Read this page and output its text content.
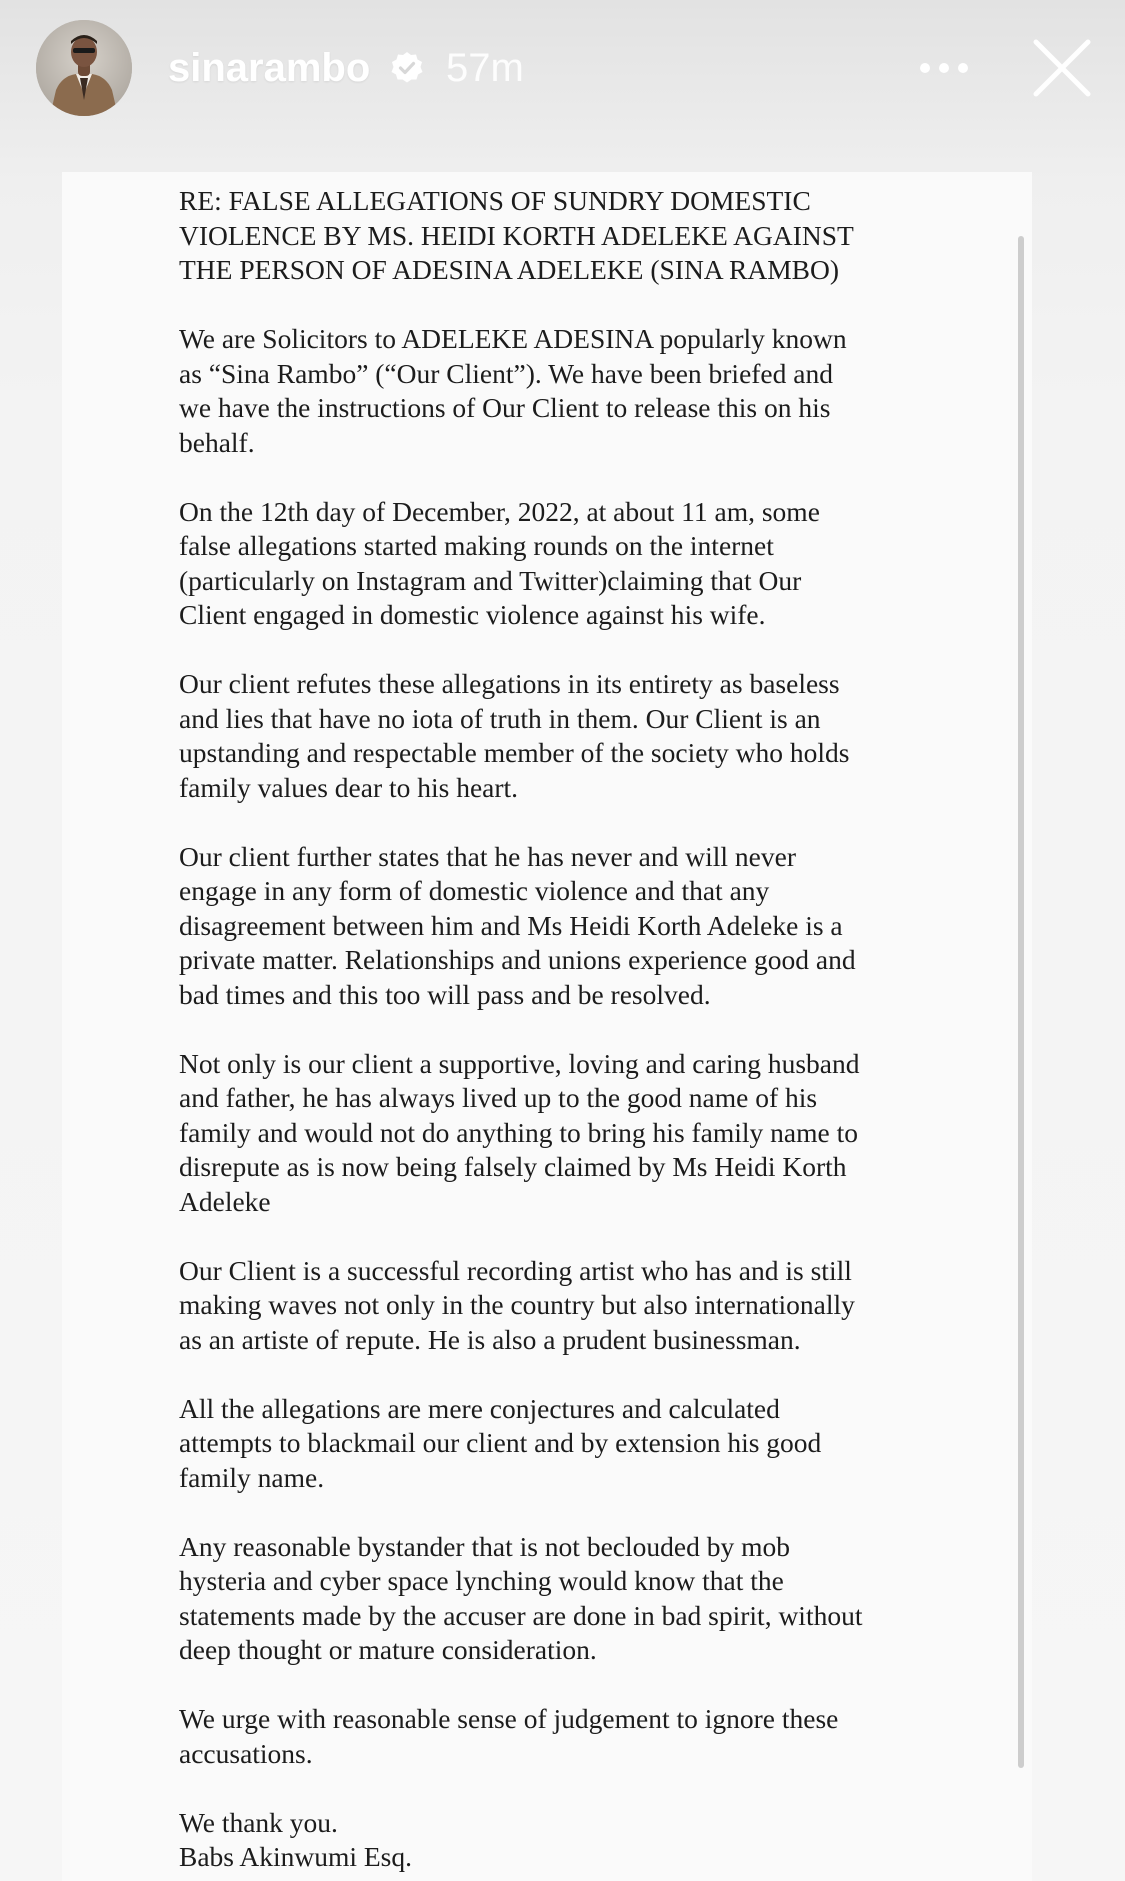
sinarambo 57m

RE: FALSE ALLEGATIONS OF SUNDRY DOMESTIC
VIOLENCE BY MS. HEIDI KORTH ADELEKE AGAINST
THE PERSON OF ADESINA ADELEKE (SINA RAMBO)

We are Solicitors to ADELEKE ADESINA popularly known
as “Sina Rambo” (“Our Client”). We have been briefed and
we have the instructions of Our Client to release this on his
behalf.

On the 12th day of December, 2022, at about 11 am, some
false allegations started making rounds on the internet
(particularly on Instagram and Twitter)claiming that Our
Client engaged in domestic violence against his wife.

Our client refutes these allegations in its entirety as baseless
and lies that have no iota of truth in them. Our Client is an
upstanding and respectable member of the society who holds
family values dear to his heart.

Our client further states that he has never and will never
engage in any form of domestic violence and that any
disagreement between him and Ms Heidi Korth Adeleke is a
private matter. Relationships and unions experience good and
bad times and this too will pass and be resolved.

Not only is our client a supportive, loving and caring husband
and father, he has always lived up to the good name of his
family and would not do anything to bring his family name to
disrepute as is now being falsely claimed by Ms Heidi Korth
Adeleke

Our Client is a successful recording artist who has and is still
making waves not only in the country but also internationally
as an artiste of repute. He is also a prudent businessman.

All the allegations are mere conjectures and calculated
attempts to blackmail our client and by extension his good
family name.

Any reasonable bystander that is not beclouded by mob
hysteria and cyber space lynching would know that the
statements made by the accuser are done in bad spirit, without
deep thought or mature consideration.

We urge with reasonable sense of judgement to ignore these
accusations.

We thank you.

Babs Akinwumi Esq.
